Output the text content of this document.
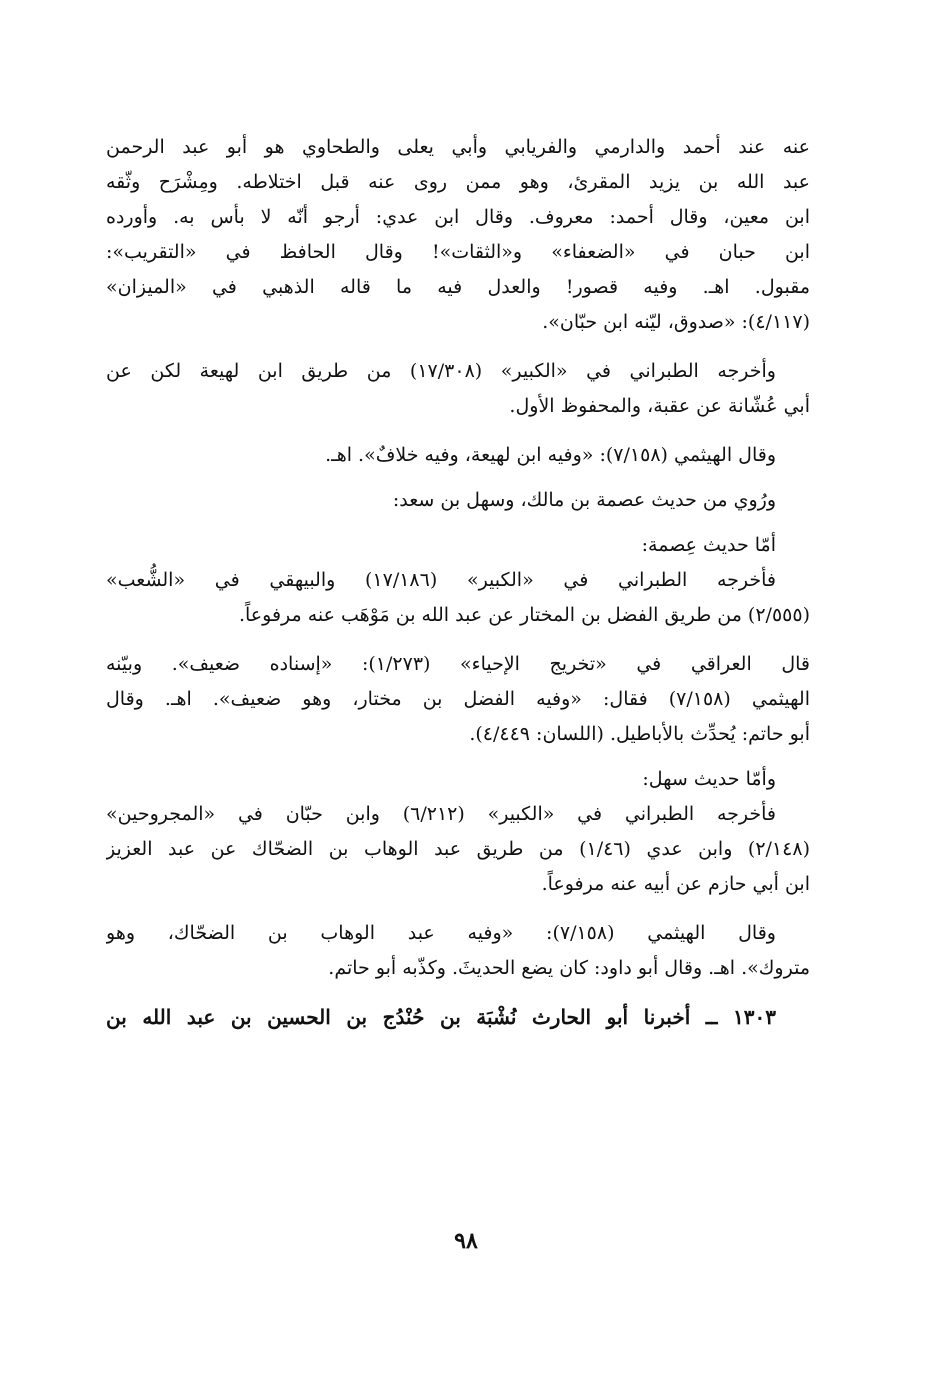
عنه عند أحمد والدارمي والفريابي وأبي يعلى والطحاوي هو أبو عبد الرحمن
عبد الله بن يزيد المقرئ، وهو ممن روى عنه قبل اختلاطه. ومِشْرَح وثّقه
ابن معين، وقال أحمد: معروف. وقال ابن عدي: أرجو أنّه لا بأس به. وأورده
ابن حبان في «الضعفاء» و«الثقات»! وقال الحافظ في «التقريب»:
مقبول. اهـ. وفيه قصور! والعدل فيه ما قاله الذهبي في «الميزان»
(٤/١١٧): «صدوق، ليّنه ابن حبّان».
وأخرجه الطبراني في «الكبير» (١٧/٣٠٨) من طريق ابن لهيعة لكن عن
أبي عُشّانة عن عقبة، والمحفوظ الأول.
وقال الهيثمي (٧/١٥٨): «وفيه ابن لهيعة، وفيه خلافٌ». اهـ.
ورُوي من حديث عصمة بن مالك، وسهل بن سعد:
أمّا حديث عِصمة:
فأخرجه الطبراني في «الكبير» (١٧/١٨٦) والبيهقي في «الشُّعب»
(٢/٥٥٥) من طريق الفضل بن المختار عن عبد الله بن مَوْهَب عنه مرفوعاً.
قال العراقي في «تخريج الإحياء» (١/٢٧٣): «إسناده ضعيف». وبيّنه
الهيثمي (٧/١٥٨) فقال: «وفيه الفضل بن مختار، وهو ضعيف». اهـ. وقال
أبو حاتم: يُحدِّث بالأباطيل. (اللسان: ٤/٤٤٩).
وأمّا حديث سهل:
فأخرجه الطبراني في «الكبير» (٦/٢١٢) وابن حبّان في «المجروحين»
(٢/١٤٨) وابن عدي (١/٤٦) من طريق عبد الوهاب بن الضحّاك عن عبد العزيز
ابن أبي حازم عن أبيه عنه مرفوعاً.
وقال الهيثمي (٧/١٥٨): «وفيه عبد الوهاب بن الضحّاك، وهو
متروك». اهـ. وقال أبو داود: كان يضع الحديثَ. وكذّبه أبو حاتم.
١٣٠٣ ــ أخبرنا أبو الحارث نُشْبَة بن حُنْدُج بن الحسين بن عبد الله بن
٩٨
